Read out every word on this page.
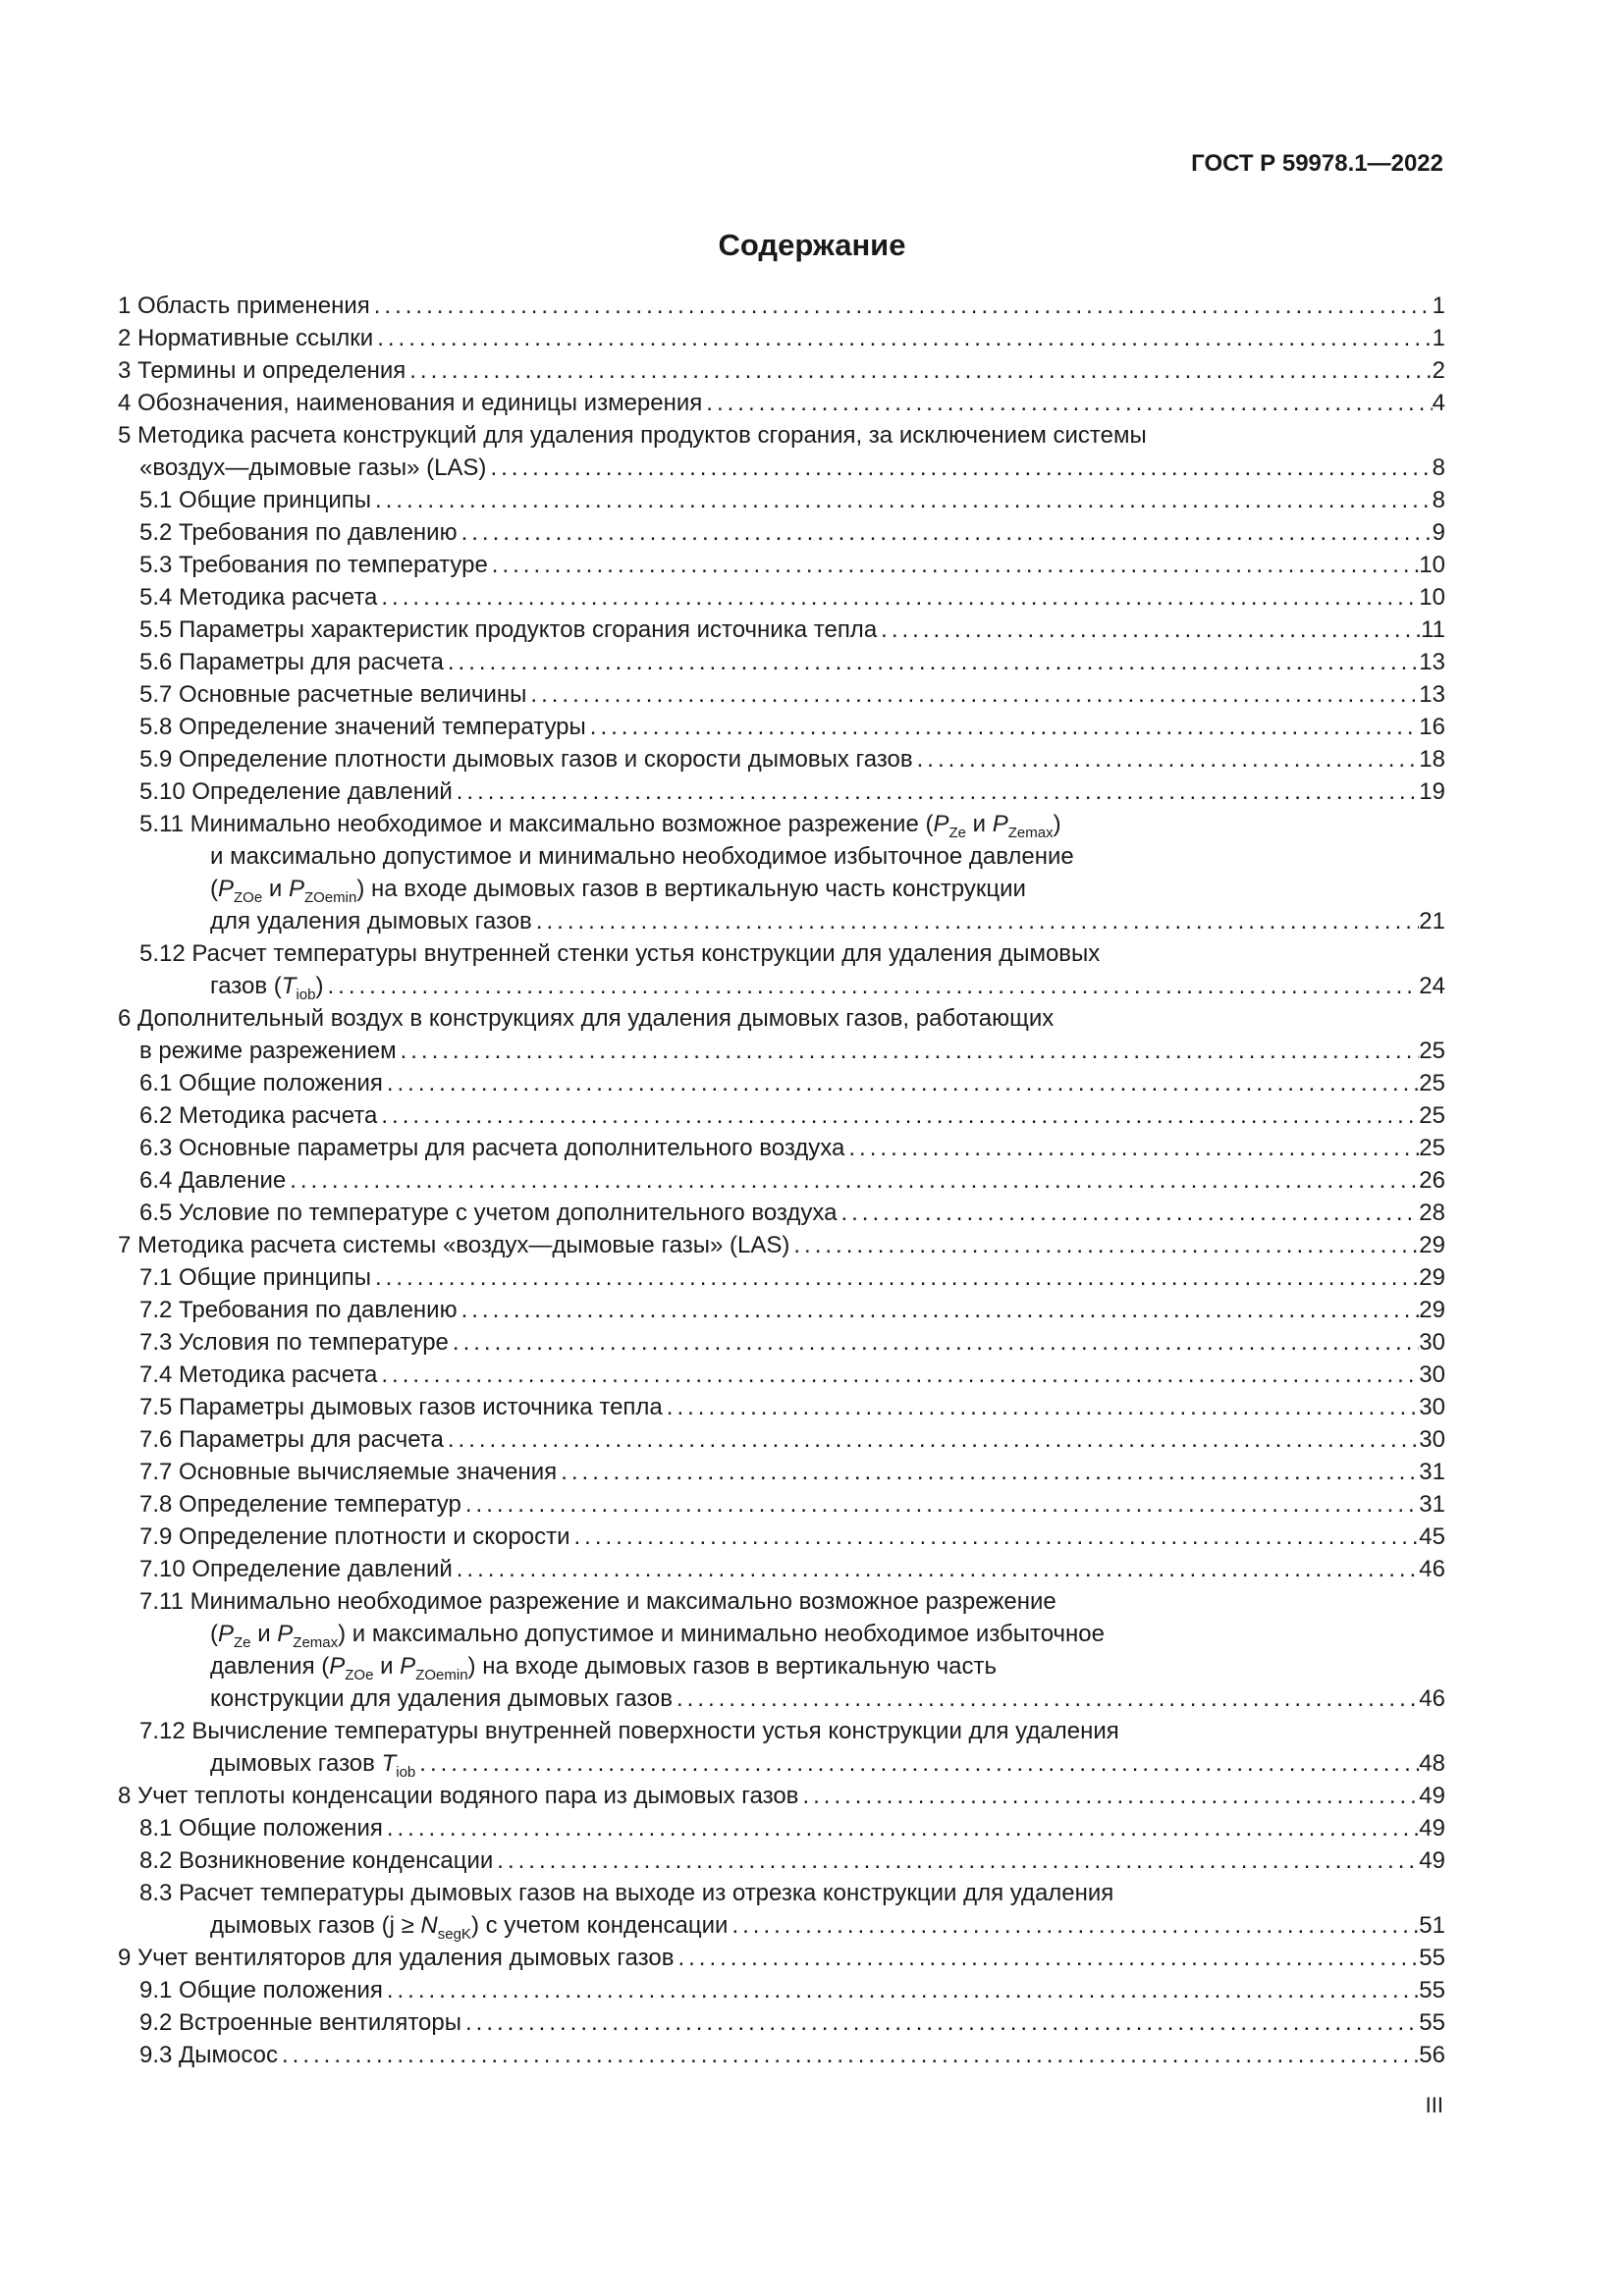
ГОСТ Р 59978.1—2022
Содержание
1 Область применения .....	1
2 Нормативные ссылки .....	1
3 Термины и определения .....	2
4 Обозначения, наименования и единицы измерения .....	4
5 Методика расчета конструкций для удаления продуктов сгорания, за исключением системы
«воздух—дымовые газы» (LAS) .....	8
5.1 Общие принципы .....	8
5.2 Требования по давлению .....	9
5.3 Требования по температуре .....	10
5.4 Методика расчета .....	10
5.5 Параметры характеристик продуктов сгорания источника тепла .....	11
5.6 Параметры для расчета .....	13
5.7 Основные расчетные величины .....	13
5.8 Определение значений температуры .....	16
5.9 Определение плотности дымовых газов и скорости дымовых газов .....	18
5.10 Определение давлений .....	19
5.11 Минимально необходимое и максимально возможное разрежение ($P_{Ze}$ и $P_{Zemax}$)
и максимально допустимое и минимально необходимое избыточное давление
($P_{ZOe}$ и $P_{ZOemin}$) на входе дымовых газов в вертикальную часть конструкции
для удаления дымовых газов .....	21
5.12 Расчет температуры внутренней стенки устья конструкции для удаления дымовых
газов $(T_{iob})$ .....	24
6 Дополнительный воздух в конструкциях для удаления дымовых газов, работающих
в режиме разрежением .....	25
6.1 Общие положения .....	25
6.2 Методика расчета .....	25
6.3 Основные параметры для расчета дополнительного воздуха .....	25
6.4 Давление .....	26
6.5 Условие по температуре с учетом дополнительного воздуха .....	28
7 Методика расчета системы «воздух—дымовые газы» (LAS) .....	29
7.1 Общие принципы .....	29
7.2 Требования по давлению .....	29
7.3 Условия по температуре .....	30
7.4 Методика расчета .....	30
7.5 Параметры дымовых газов источника тепла .....	30
7.6 Параметры для расчета .....	30
7.7 Основные вычисляемые значения .....	31
7.8 Определение температур .....	31
7.9 Определение плотности и скорости .....	45
7.10 Определение давлений .....	46
7.11 Минимально необходимое разрежение и максимально возможное разрежение
($P_{Ze}$ и $P_{Zemax}$) и максимально допустимое и минимально необходимое избыточное
давления ($P_{ZOe}$ и $P_{ZOemin}$) на входе дымовых газов в вертикальную часть
конструкции для удаления дымовых газов .....	46
7.12 Вычисление температуры внутренней поверхности устья конструкции для удаления
дымовых газов $T_{iob}$ .....	48
8 Учет теплоты конденсации водяного пара из дымовых газов .....	49
8.1 Общие положения .....	49
8.2 Возникновение конденсации .....	49
8.3 Расчет температуры дымовых газов на выходе из отрезка конструкции для удаления
дымовых газов $(j \ge N_{segK})$ с учетом конденсации .....	51
9 Учет вентиляторов для удаления дымовых газов .....	55
9.1 Общие положения .....	55
9.2 Встроенные вентиляторы .....	55
9.3 Дымосос .....	56
III
